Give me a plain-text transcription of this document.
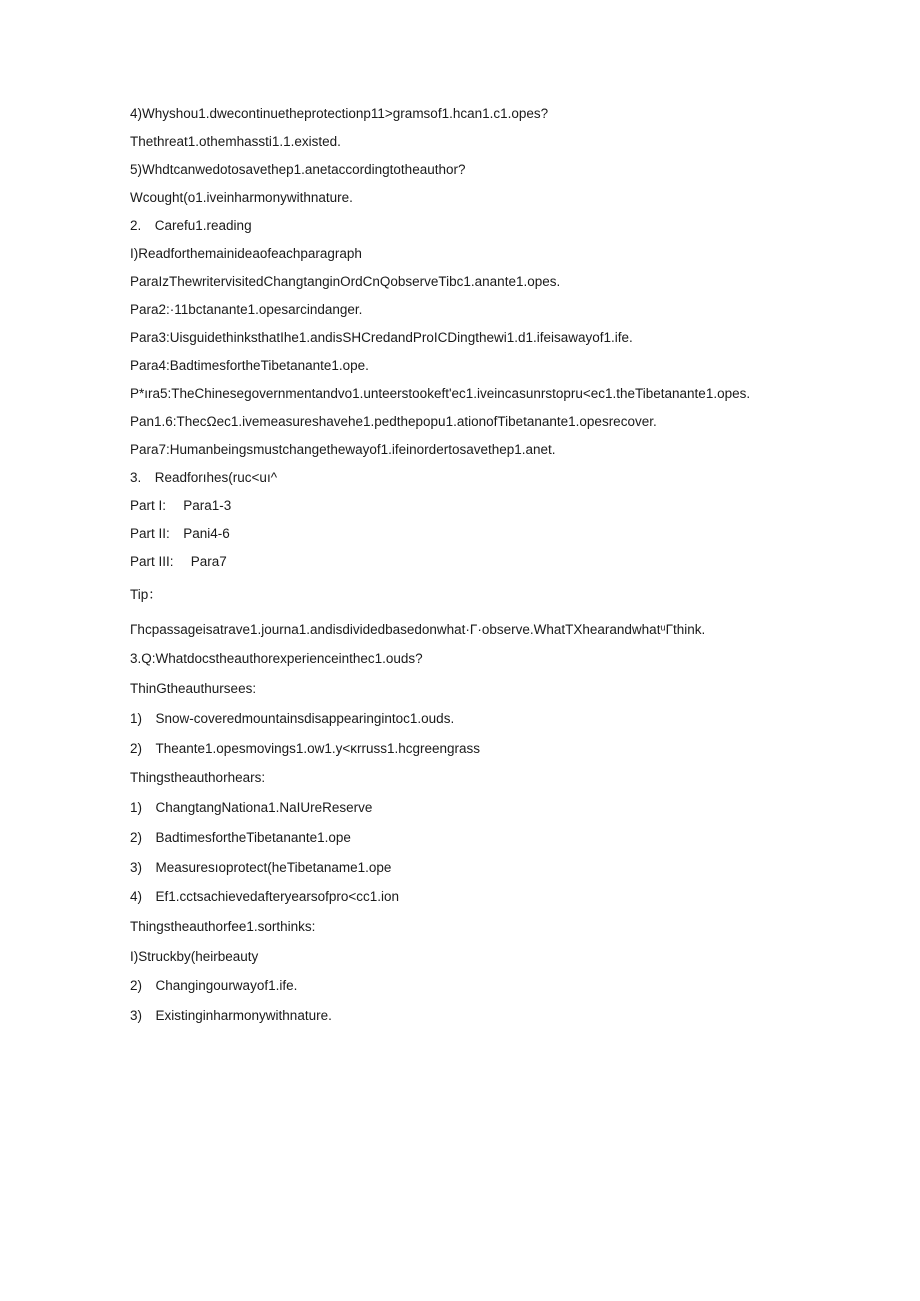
4)Whyshou1.dwecontinuetheprotectionp11>gramsof1.hcan1.c1.opes?
Thethreat1.othemhassti1.1.existed.
5)Whdtcanwedotosavethep1.anetaccordingtotheauthor?
Wcought(o1.iveinharmonywithnature.
2. Carefu1.reading
I)Readforthemainideaofeachparagraph
ParaIzThewritervisitedChangtanginOrdCnQobserveTibc1.anante1.opes.
Para2:·11bctanante1.opesarcindanger.
Para3:UisguidethinksthatIhe1.andisSHCredandProICDingthewi1.d1.ifeisawayof1.ife.
Para4:BadtimesfortheTibetanante1.ope.
P*ıra5:TheChinesegovernmentandvo1.unteerstookeft'ec1.iveincasunrstopru<ec1.theTibetanante1.opes.
Pan1.6:ThecΩec1.ivemeasureshavehe1.pedthepopu1.ationofTibetanante1.opesrecover.
Para7:Humanbeingsmustchangethewayof1.ifeinordertosavethep1.anet.
3. Readforıhes(ruc<uı^
Part I:  Para1-3
Part II: Pani4-6
Part III:  Para7
Tip：
Γhcpassageisatrave1.journa1.andisdividedbasedonwhat·Γ·observe.WhatTXhearandwhatᵘΓthink.
3.Q:Whatdocstheauthorexperienceinthec1.ouds?
ThinGtheauthursees:
1) Snow-coveredmountainsdisappearingintoc1.ouds.
2) Theante1.opesmovings1.ow1.y<κrruss1.hcgreengrass
Thingstheauthorhears:
1) ChangtangNationa1.NaIUreReserve
2) BadtimesfortheTibetanante1.ope
3) Measuresıoprotect(heTibetaname1.ope
4) Ef1.cctsachievedafteryearsofpro<cc1.ion
Thingstheauthorfee1.sorthinks:
I)Struckby(heirbeauty
2) Changingourwayof1.ife.
3) Existinginharmonywithnature.
